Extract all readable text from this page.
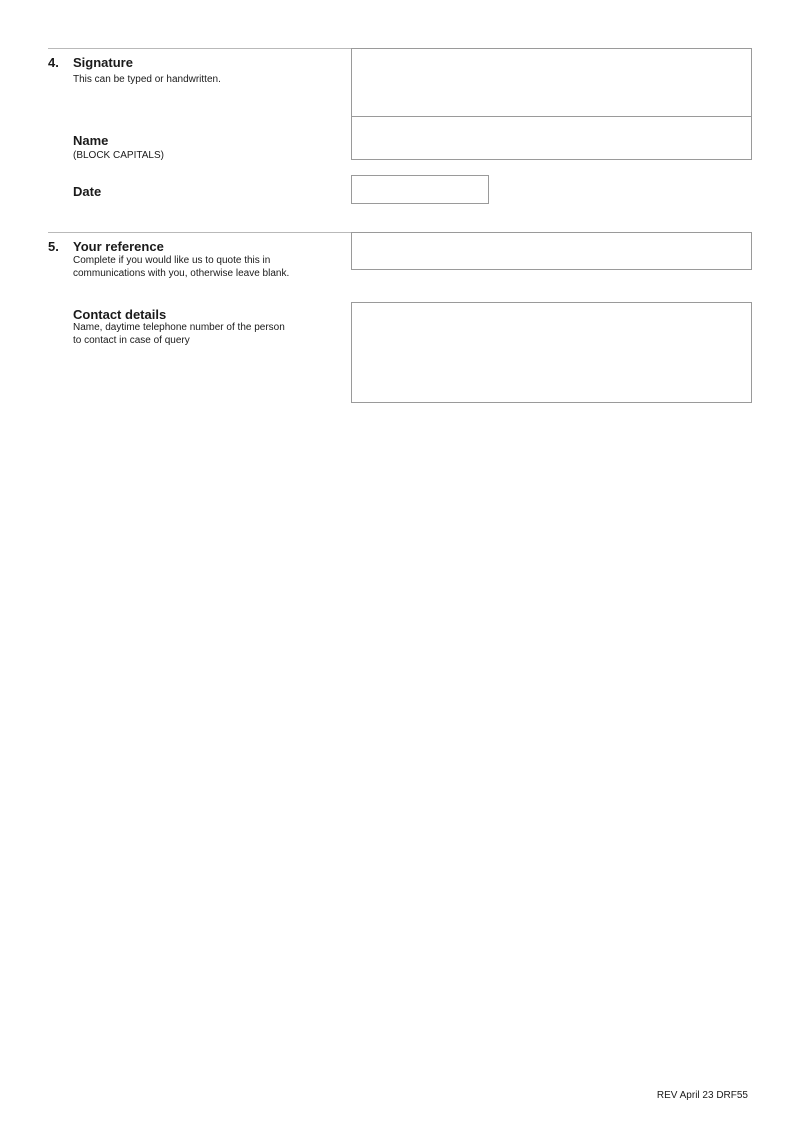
4. Signature
This can be typed or handwritten.
Name
(BLOCK CAPITALS)
Date
5. Your reference
Complete if you would like us to quote this in
communications with you, otherwise leave blank.
Contact details
Name, daytime telephone number of the person
to contact in case of query
REV April 23 DRF55
